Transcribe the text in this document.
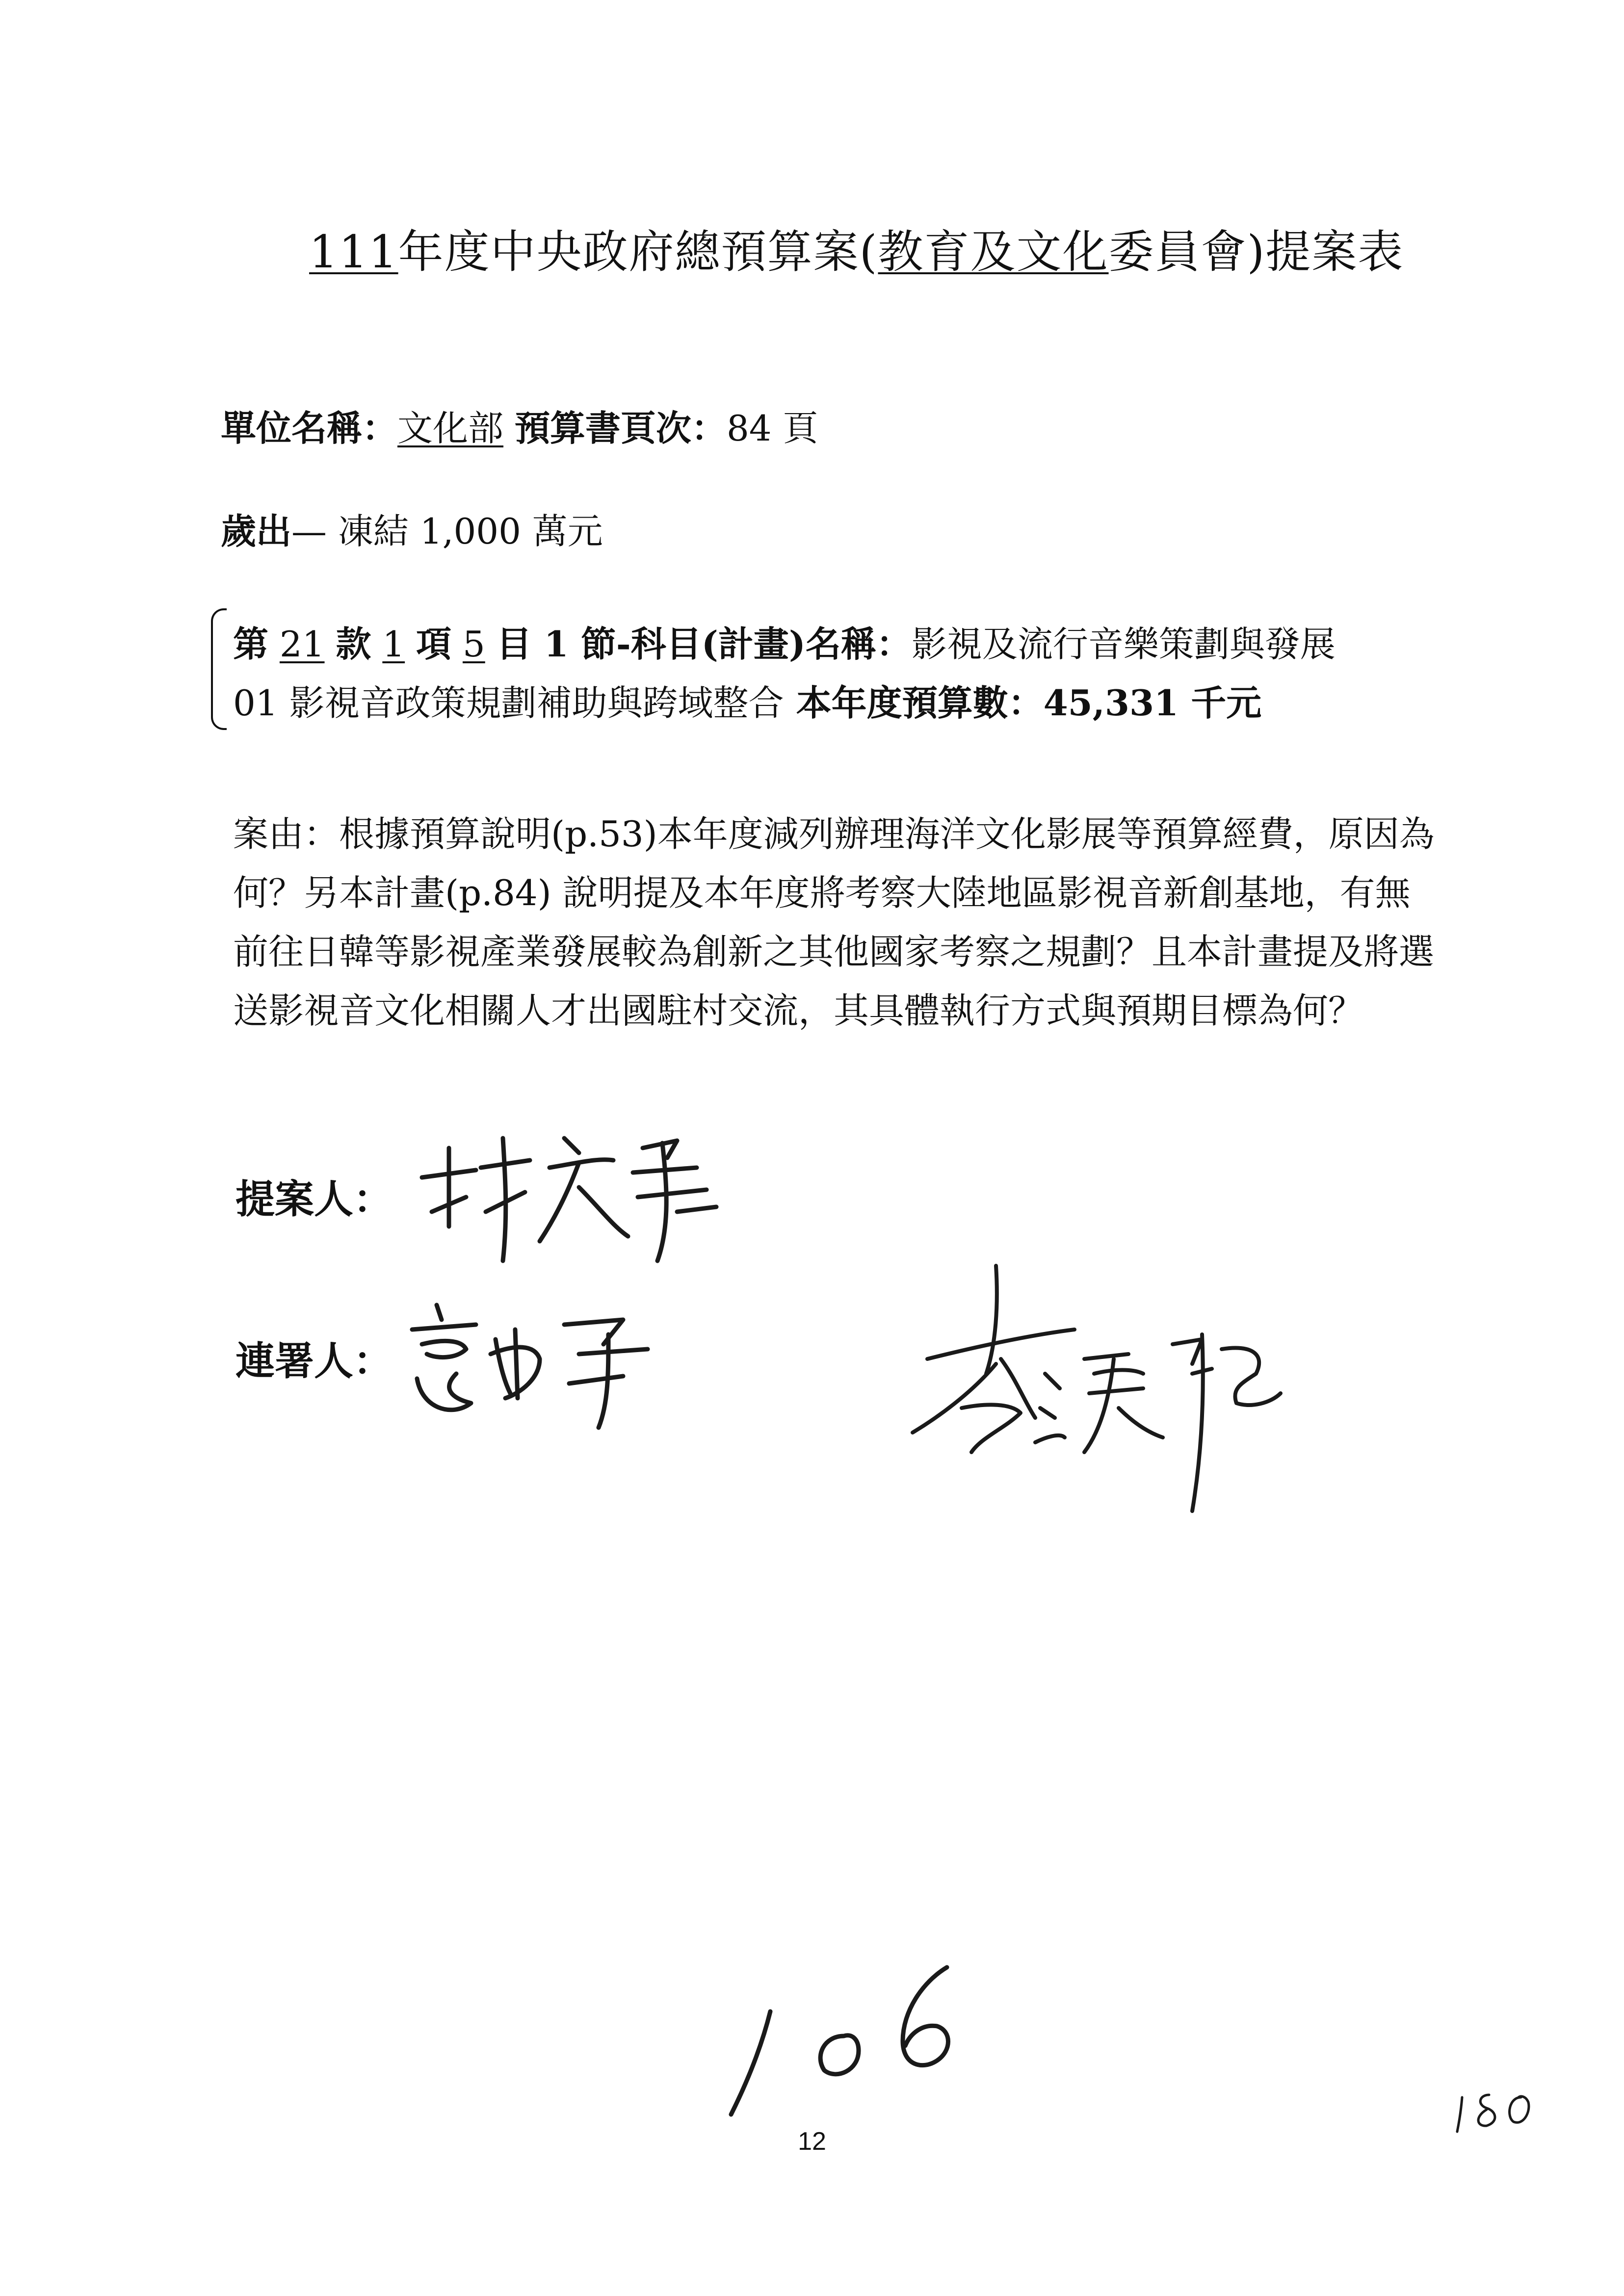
111年度中央政府總預算案(教育及文化委員會)提案表
單位名稱：文化部 預算書頁次：84 頁
歲出— 凍結 1,000 萬元
第 21 款 1 項 5 目 1 節-科目(計畫)名稱：影視及流行音樂策劃與發展
01 影視音政策規劃補助與跨域整合 本年度預算數：45,331 千元
案由：根據預算說明(p.53)本年度減列辦理海洋文化影展等預算經費，原因為何？另本計畫(p.84) 說明提及本年度將考察大陸地區影視音新創基地，有無前往日韓等影視產業發展較為創新之其他國家考察之規劃？且本計畫提及將選送影視音文化相關人才出國駐村交流，其具體執行方式與預期目標為何？
提案人：
連署人：
12
